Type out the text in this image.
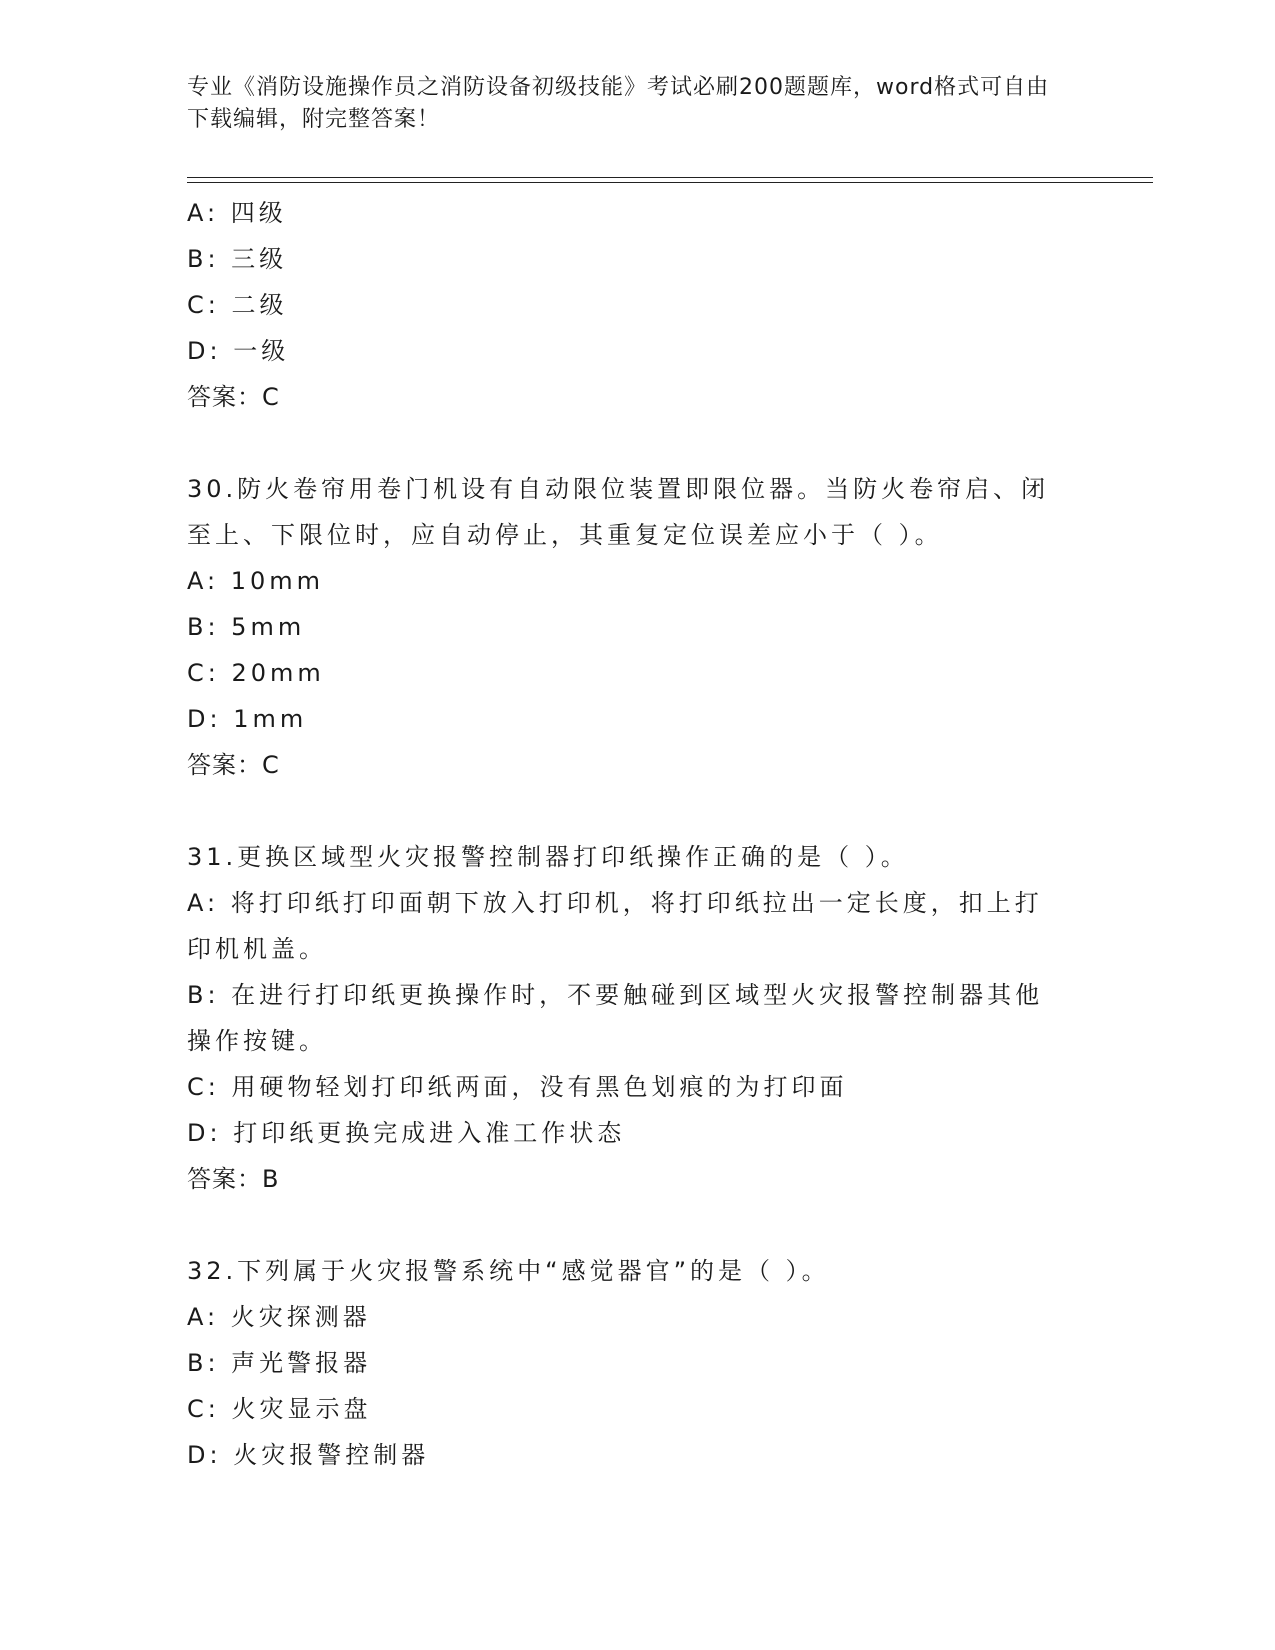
专业《消防设施操作员之消防设备初级技能》考试必刷200题题库，word格式可自由下载编辑，附完整答案！

A: 四级
B: 三级
C: 二级
D: 一级
答案：C
30.防火卷帘用卷门机设有自动限位装置即限位器。当防火卷帘启、闭
至上、下限位时，应自动停止，其重复定位误差应小于（ ）。
A: 10mm
B: 5mm
C: 20mm
D: 1mm
答案：C
31.更换区域型火灾报警控制器打印纸操作正确的是（ ）。
A: 将打印纸打印面朝下放入打印机，将打印纸拉出一定长度，扣上打
印机机盖。
B: 在进行打印纸更换操作时，不要触碰到区域型火灾报警控制器其他
操作按键。
C: 用硬物轻划打印纸两面，没有黑色划痕的为打印面
D: 打印纸更换完成进入准工作状态
答案：B
32.下列属于火灾报警系统中“感觉器官”的是（ ）。
A: 火灾探测器
B: 声光警报器
C: 火灾显示盘
D: 火灾报警控制器
